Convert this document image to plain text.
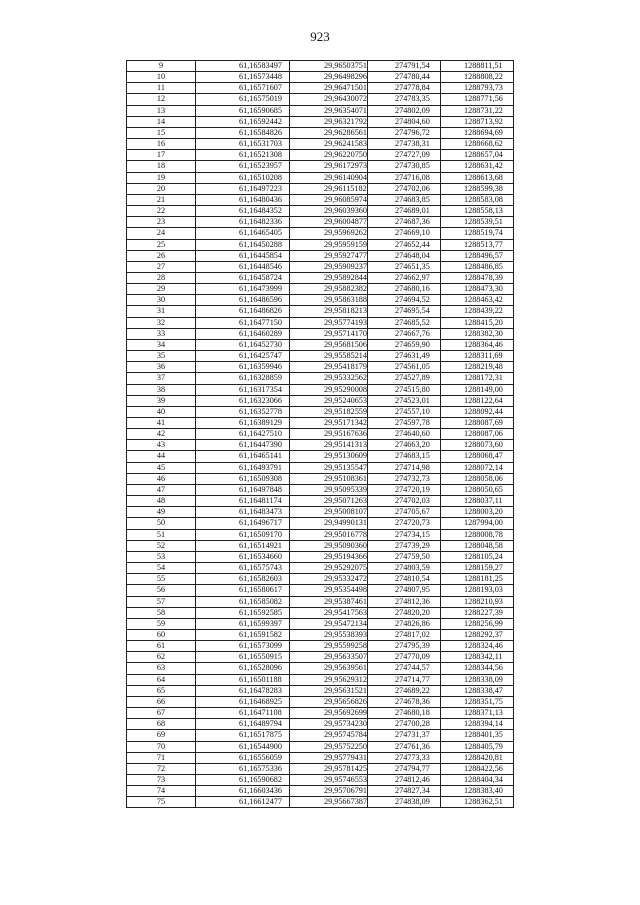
923
9	61,16583497	29,96503751	274791,54	1288811,51
10	61,16573448	29,96498296	274780,44	1288808,22
11	61,16571607	29,96471501	274778,84	1288793,73
12	61,16575019	29,96430072	274783,35	1288771,56
13	61,16590685	29,96354071	274802,09	1288731,22
14	61,16592442	29,96321792	274804,60	1288713,92
15	61,16584826	29,96286561	274796,72	1288694,69
16	61,16531703	29,96241583	274738,31	1288668,62
17	61,16521308	29,96220750	274727,09	1288657,04
18	61,16523957	29,96172973	274730,85	1288631,42
19	61,16510208	29,96140904	274716,08	1288613,68
20	61,16497223	29,96115182	274702,06	1288599,38
21	61,16480436	29,96085974	274683,85	1288583,08
22	61,16484352	29,96039360	274689,01	1288558,13
23	61,16482336	29,96004877	274687,36	1288539,51
24	61,16465405	29,95969262	274669,10	1288519,74
25	61,16450288	29,95959159	274652,44	1288513,77
26	61,16445854	29,95927477	274648,04	1288496,57
27	61,16448546	29,95909237	274651,35	1288486,85
28	61,16458724	29,95892844	274662,97	1288478,39
29	61,16473999	29,95882382	274680,16	1288473,30
30	61,16486596	29,95863188	274694,52	1288463,42
31	61,16486826	29,95818213	274695,54	1288439,22
32	61,16477150	29,95774193	274685,52	1288415,20
33	61,16460289	29,95714170	274667,76	1288382,30
34	61,16452730	29,95681506	274659,90	1288364,46
35	61,16425747	29,95585214	274631,49	1288311,69
36	61,16359946	29,95418179	274561,05	1288219,48
37	61,16328859	29,95332562	274527,89	1288172,31
38	61,16317354	29,95290008	274515,80	1288149,00
39	61,16323066	29,95240653	274523,01	1288122,64
40	61,16352778	29,95182559	274557,10	1288092,44
41	61,16389129	29,95171342	274597,78	1288087,69
42	61,16427510	29,95167636	274640,60	1288087,06
43	61,16447390	29,95141313	274663,20	1288073,60
44	61,16465141	29,95130609	274683,15	1288068,47
45	61,16493791	29,95135547	274714,98	1288072,14
46	61,16509308	29,95108361	274732,73	1288058,06
47	61,16497848	29,95095339	274720,19	1288050,65
48	61,16481174	29,95071263	274702,03	1288037,11
49	61,16483473	29,95008107	274705,67	1288003,20
50	61,16496717	29,94990131	274720,73	1287994,00
51	61,16509170	29,95016778	274734,15	1288008,78
52	61,16514921	29,95090360	274739,29	1288048,58
53	61,16534660	29,95194366	274759,50	1288105,24
54	61,16575743	29,95292075	274803,59	1288159,27
55	61,16582603	29,95332472	274810,54	1288181,25
56	61,16580617	29,95354498	274807,95	1288193,03
57	61,16585082	29,95387461	274812,36	1288210,93
58	61,16592585	29,95417563	274820,20	1288227,39
59	61,16599397	29,95472134	274826,86	1288256,99
60	61,16591582	29,95538393	274817,02	1288292,37
61	61,16573099	29,95599258	274795,39	1288324,46
62	61,16550915	29,95633507	274770,09	1288342,11
63	61,16528096	29,95639561	274744,57	1288344,56
64	61,16501188	29,95629312	274714,77	1288338,09
65	61,16478283	29,95631521	274689,22	1288338,47
66	61,16468925	29,95656826	274678,36	1288351,75
67	61,16471108	29,95692699	274680,18	1288371,13
68	61,16489794	29,95734230	274700,28	1288394,14
69	61,16517875	29,95745784	274731,37	1288401,35
70	61,16544900	29,95752250	274761,36	1288405,79
71	61,16556059	29,95779431	274773,33	1288420,81
72	61,16575336	29,95781425	274794,77	1288422,56
73	61,16590682	29,95746553	274812,46	1288404,34
74	61,16603436	29,95706791	274827,34	1288383,40
75	61,16612477	29,95667387	274838,09	1288362,51
